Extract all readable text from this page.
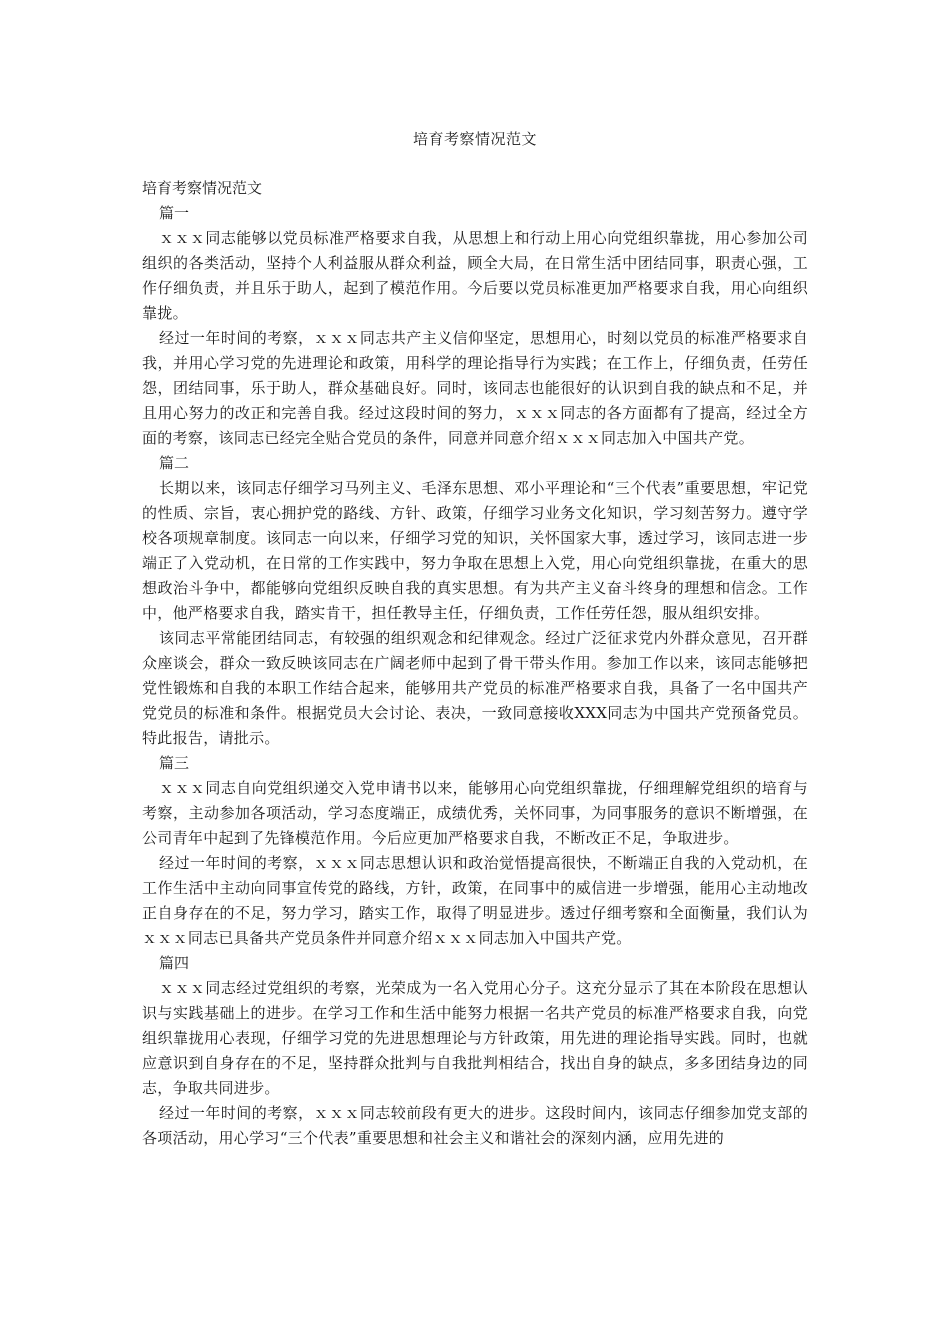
培育考察情况范文
培育考察情况范文
篇一

ｘｘｘ同志能够以党员标准严格要求自我，从思想上和行动上用心向党组织靠拢，用心参加公司组织的各类活动，坚持个人利益服从群众利益，顾全大局，在日常生活中团结同事，职责心强，工作仔细负责，并且乐于助人，起到了模范作用。今后要以党员标准更加严格要求自我，用心向组织靠拢。

经过一年时间的考察，ｘｘｘ同志共产主义信仰坚定，思想用心，时刻以党员的标准严格要求自我，并用心学习党的先进理论和政策，用科学的理论指导行为实践；在工作上，仔细负责，任劳任怨，团结同事，乐于助人，群众基础良好。同时，该同志也能很好的认识到自我的缺点和不足，并且用心努力的改正和完善自我。经过这段时间的努力，ｘｘｘ同志的各方面都有了提高，经过全方面的考察，该同志已经完全贴合党员的条件，同意并同意介绍ｘｘｘ同志加入中国共产党。

篇二

长期以来，该同志仔细学习马列主义、毛泽东思想、邓小平理论和“三个代表”重要思想，牢记党的性质、宗旨，衷心拥护党的路线、方针、政策，仔细学习业务文化知识，学习刻苦努力。遵守学校各项规章制度。该同志一向以来，仔细学习党的知识，关怀国家大事，透过学习，该同志进一步端正了入党动机，在日常的工作实践中，努力争取在思想上入党，用心向党组织靠拢，在重大的思想政治斗争中，都能够向党组织反映自我的真实思想。有为共产主义奋斗终身的理想和信念。工作中，他严格要求自我，踏实肯干，担任教导主任，仔细负责，工作任劳任怨，服从组织安排。

该同志平常能团结同志，有较强的组织观念和纪律观念。经过广泛征求党内外群众意见，召开群众座谈会，群众一致反映该同志在广阔老师中起到了骨干带头作用。参加工作以来，该同志能够把党性锻炼和自我的本职工作结合起来，能够用共产党员的标准严格要求自我，具备了一名中国共产党党员的标准和条件。根据党员大会讨论、表决，一致同意接收XXX同志为中国共产党预备党员。特此报告，请批示。

篇三

ｘｘｘ同志自向党组织递交入党申请书以来，能够用心向党组织靠拢，仔细理解党组织的培育与考察，主动参加各项活动，学习态度端正，成绩优秀，关怀同事，为同事服务的意识不断增强，在公司青年中起到了先锋模范作用。今后应更加严格要求自我，不断改正不足，争取进步。

经过一年时间的考察，ｘｘｘ同志思想认识和政治觉悟提高很快，不断端正自我的入党动机，在工作生活中主动向同事宣传党的路线，方针，政策，在同事中的威信进一步增强，能用心主动地改正自身存在的不足，努力学习，踏实工作，取得了明显进步。透过仔细考察和全面衡量，我们认为ｘｘｘ同志已具备共产党员条件并同意介绍ｘｘｘ同志加入中国共产党。

篇四

ｘｘｘ同志经过党组织的考察，光荣成为一名入党用心分子。这充分显示了其在本阶段在思想认识与实践基础上的进步。在学习工作和生活中能努力根据一名共产党员的标准严格要求自我，向党组织靠拢用心表现，仔细学习党的先进思想理论与方针政策，用先进的理论指导实践。同时，也就应意识到自身存在的不足，坚持群众批判与自我批判相结合，找出自身的缺点，多多团结身边的同志，争取共同进步。

经过一年时间的考察，ｘｘｘ同志较前段有更大的进步。这段时间内，该同志仔细参加党支部的各项活动，用心学习“三个代表”重要思想和社会主义和谐社会的深刻内涵，应用先进的
